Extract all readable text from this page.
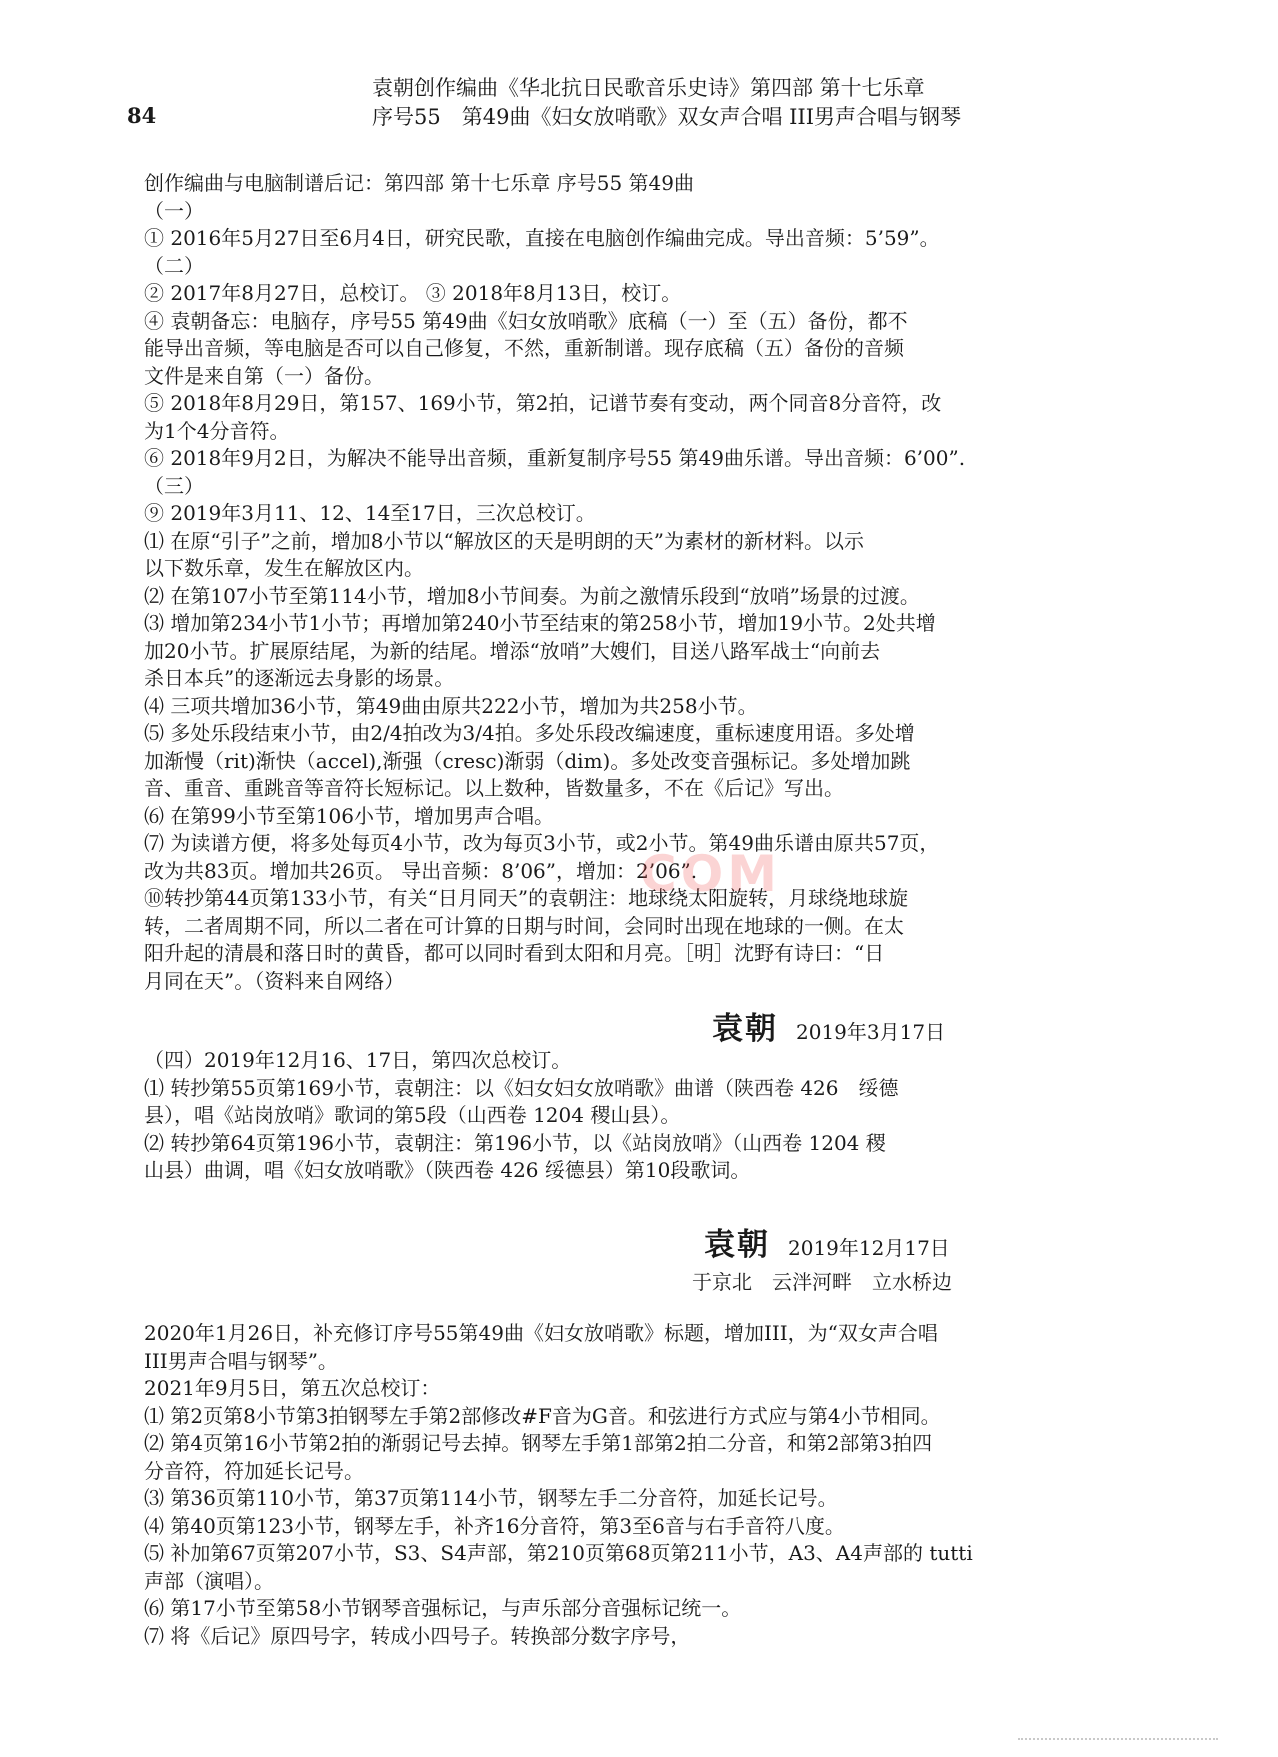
84
袁朝创作编曲《华北抗日民歌音乐史诗》第四部 第十七乐章
序号55　第49曲《妇女放哨歌》双女声合唱 III男声合唱与钢琴
创作编曲与电脑制谱后记：第四部 第十七乐章 序号55 第49曲
（一）
① 2016年5月27日至6月4日，研究民歌，直接在电脑创作编曲完成。导出音频：5’59”。
（二）
② 2017年8月27日，总校订。 ③ 2018年8月13日，校订。
④ 袁朝备忘：电脑存，序号55 第49曲《妇女放哨歌》底稿（一）至（五）备份，都不
能导出音频，等电脑是否可以自己修复，不然，重新制谱。现存底稿（五）备份的音频
文件是来自第（一）备份。
⑤ 2018年8月29日，第157、169小节，第2拍，记谱节奏有变动，两个同音8分音符，改
为1个4分音符。
⑥ 2018年9月2日，为解决不能导出音频，重新复制序号55 第49曲乐谱。导出音频：6’00”.
（三）
⑨ 2019年3月11、12、14至17日，三次总校订。
⑴ 在原“引子”之前，增加8小节以“解放区的天是明朗的天”为素材的新材料。以示
以下数乐章，发生在解放区内。
⑵ 在第107小节至第114小节，增加8小节间奏。为前之激情乐段到“放哨”场景的过渡。
⑶ 增加第234小节1小节；再增加第240小节至结束的第258小节，增加19小节。2处共增
加20小节。扩展原结尾，为新的结尾。增添“放哨”大嫂们，目送八路军战士“向前去
杀日本兵”的逐渐远去身影的场景。
⑷ 三项共增加36小节，第49曲由原共222小节，增加为共258小节。
⑸ 多处乐段结束小节，由2/4拍改为3/4拍。多处乐段改编速度，重标速度用语。多处增
加渐慢（rit)渐快（accel),渐强（cresc)渐弱（dim)。多处改变音强标记。多处增加跳
音、重音、重跳音等音符长短标记。以上数种，皆数量多，不在《后记》写出。
⑹ 在第99小节至第106小节，增加男声合唱。
⑺ 为读谱方便，将多处每页4小节，改为每页3小节，或2小节。第49曲乐谱由原共57页，
改为共83页。增加共26页。 导出音频：8’06”，增加：2’06”.
⑩转抄第44页第133小节，有关“日月同天”的袁朝注：地球绕太阳旋转，月球绕地球旋
转，二者周期不同，所以二者在可计算的日期与时间，会同时出现在地球的一侧。在太
阳升起的清晨和落日时的黄昏，都可以同时看到太阳和月亮。［明］沈野有诗曰：“日
月同在天”。（资料来自网络）
袁朝 2019年3月17日
（四）2019年12月16、17日，第四次总校订。
⑴ 转抄第55页第169小节，袁朝注：以《妇女妇女放哨歌》曲谱（陕西卷 426　绥德
县），唱《站岗放哨》歌词的第5段（山西卷 1204 稷山县）。
⑵ 转抄第64页第196小节，袁朝注：第196小节，以《站岗放哨》（山西卷 1204 稷
山县）曲调，唱《妇女放哨歌》（陕西卷 426 绥德县）第10段歌词。
袁朝 2019年12月17日
于京北　云泮河畔　立水桥边
2020年1月26日，补充修订序号55第49曲《妇女放哨歌》标题，增加III，为“双女声合唱
III男声合唱与钢琴”。
2021年9月5日，第五次总校订：
⑴ 第2页第8小节第3拍钢琴左手第2部修改#F音为G音。和弦进行方式应与第4小节相同。
⑵ 第4页第16小节第2拍的渐弱记号去掉。钢琴左手第1部第2拍二分音，和第2部第3拍四
分音符，符加延长记号。
⑶ 第36页第110小节，第37页第114小节，钢琴左手二分音符，加延长记号。
⑷ 第40页第123小节，钢琴左手，补齐16分音符，第3至6音与右手音符八度。
⑸ 补加第67页第207小节，S3、S4声部，第210页第68页第211小节，A3、A4声部的 tutti
声部（演唱）。
⑹ 第17小节至第58小节钢琴音强标记，与声乐部分音强标记统一。
⑺ 将《后记》原四号字，转成小四号子。转换部分数字序号，
COM
